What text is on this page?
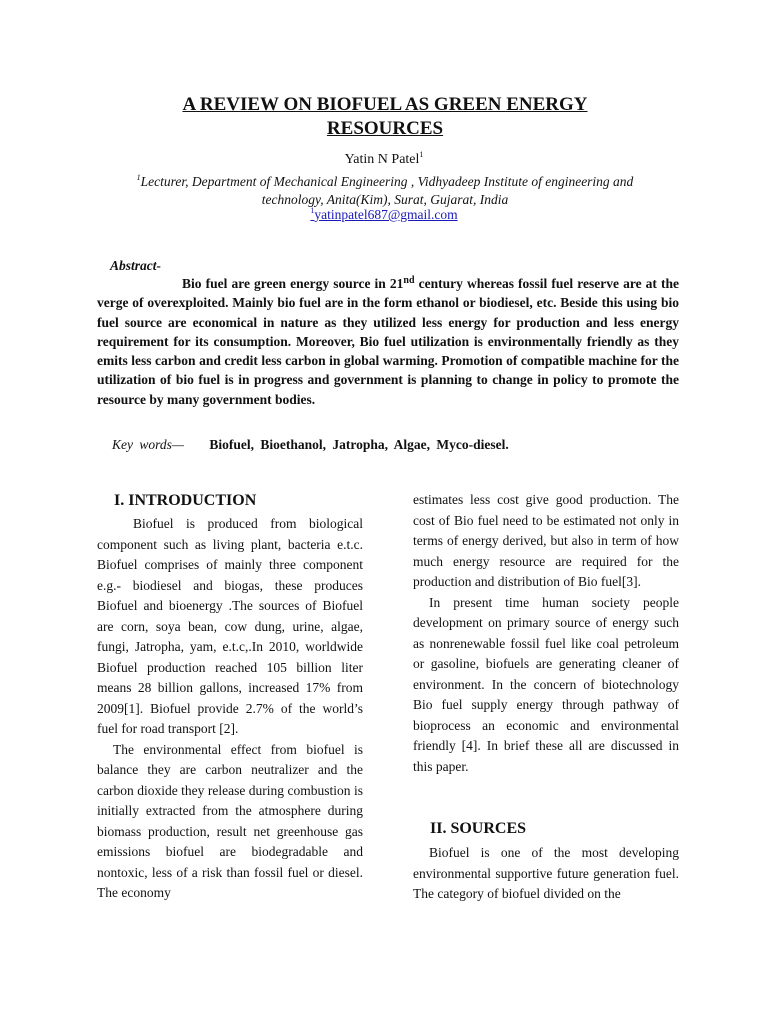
A REVIEW ON BIOFUEL AS GREEN ENERGY
RESOURCES
Yatin N Patel$^1$
$^1$Lecturer, Department of Mechanical Engineering , Vidhyadeep Institute of engineering and
technology, Anita(Kim), Surat, Gujarat, India
$^1$yatinpatel687@gmail.com
Abstract-
Bio fuel are green energy source in 21nd century whereas fossil fuel reserve are at the verge of overexploited. Mainly bio fuel are in the form ethanol or biodiesel, etc. Beside this using bio fuel source are economical in nature as they utilized less energy for production and less energy requirement for its consumption. Moreover, Bio fuel utilization is environmentally friendly as they emits less carbon and credit less carbon in global warming. Promotion of compatible machine for the utilization of bio fuel is in progress and government is planning to change in policy to promote the resource by many government bodies.
Key words— Biofuel, Bioethanol, Jatropha, Algae, Myco-diesel.
I. INTRODUCTION

Biofuel is produced from biological component such as living plant, bacteria e.t.c. Biofuel comprises of mainly three component e.g.- biodiesel and biogas, these produces Biofuel and bioenergy .The sources of Biofuel are corn, soya bean, cow dung, urine, algae, fungi, Jatropha, yam, e.t.c,.In 2010, worldwide Biofuel production reached 105 billion liter means 28 billion gallons, increased 17% from 2009[1]. Biofuel provide 2.7% of the world’s fuel for road transport [2].

The environmental effect from biofuel is balance they are carbon neutralizer and the carbon dioxide they release during combustion is initially extracted from the atmosphere during biomass production, result net greenhouse gas emissions biofuel are biodegradable and nontoxic, less of a risk than fossil fuel or diesel. The economy

estimates less cost give good production. The cost of Bio fuel need to be estimated not only in terms of energy derived, but also in term of how much energy resource are required for the production and distribution of Bio fuel[3].

In present time human society people development on primary source of energy such as nonrenewable fossil fuel like coal petroleum or gasoline, biofuels are generating cleaner of environment. In the concern of biotechnology Bio fuel supply energy through pathway of bioprocess an economic and environmental friendly [4]. In brief these all are discussed in this paper.

II. SOURCES

Biofuel is one of the most developing environmental supportive future generation fuel. The category of biofuel divided on the
